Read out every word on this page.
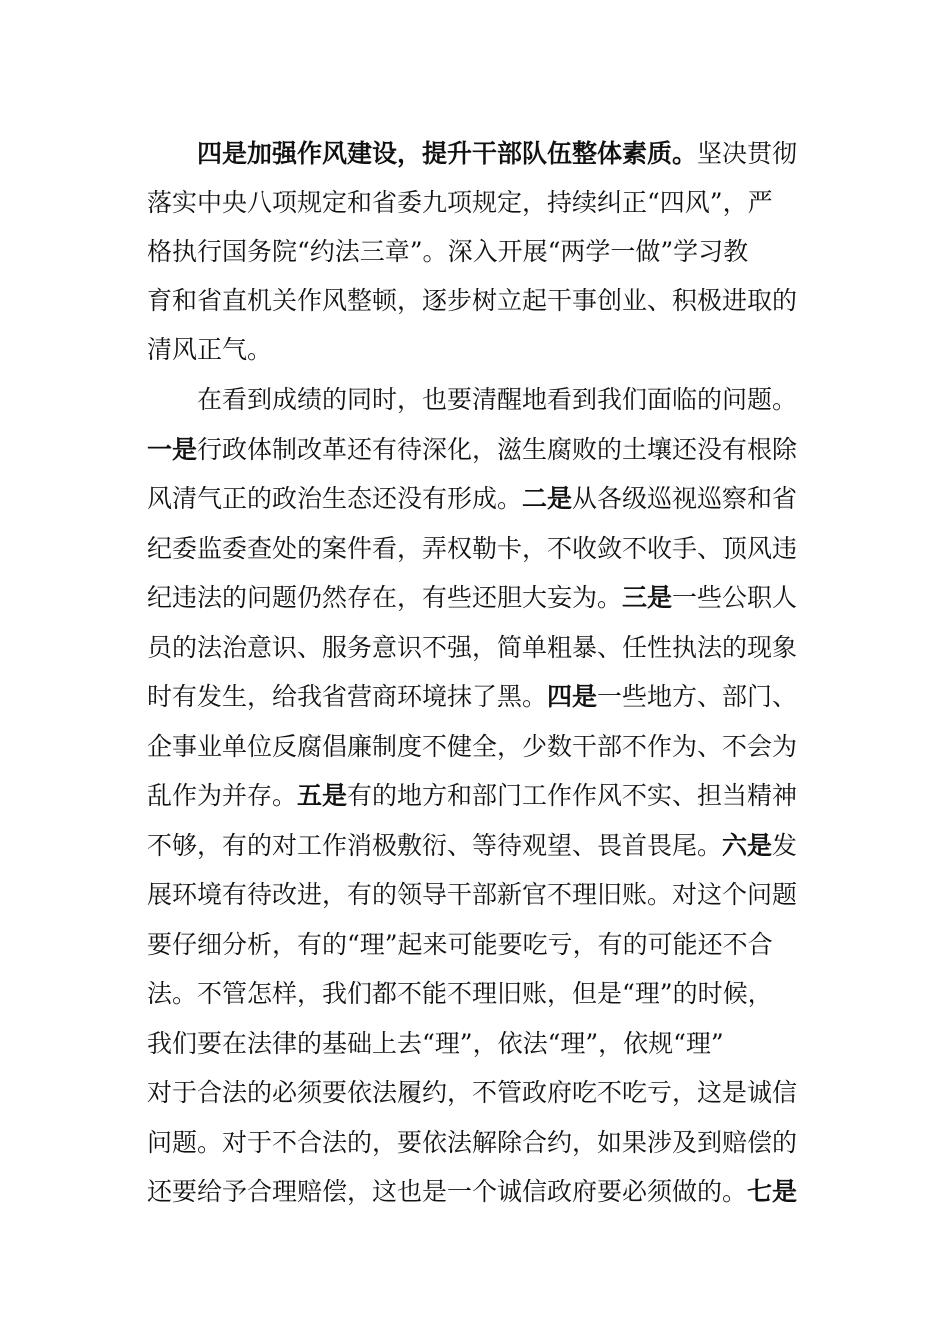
四是加强作风建设，提升干部队伍整体素质。坚决贯彻
落实中央八项规定和省委九项规定，持续纠正“四风”，严
格执行国务院“约法三章”。深入开展“两学一做”学习教
育和省直机关作风整顿，逐步树立起干事创业、积极进取的
清风正气。
在看到成绩的同时，也要清醒地看到我们面临的问题。
一是行政体制改革还有待深化，滋生腐败的土壤还没有根除
风清气正的政治生态还没有形成。二是从各级巡视巡察和省
纪委监委查处的案件看，弄权勒卡，不收敛不收手、顶风违
纪违法的问题仍然存在，有些还胆大妄为。三是一些公职人
员的法治意识、服务意识不强，简单粗暴、任性执法的现象
时有发生，给我省营商环境抹了黑。四是一些地方、部门、
企事业单位反腐倡廉制度不健全，少数干部不作为、不会为
乱作为并存。五是有的地方和部门工作作风不实、担当精神
不够，有的对工作消极敷衍、等待观望、畏首畏尾。六是发
展环境有待改进，有的领导干部新官不理旧账。对这个问题
要仔细分析，有的“理”起来可能要吃亏，有的可能还不合
法。不管怎样，我们都不能不理旧账，但是“理”的时候，
我们要在法律的基础上去“理”，依法“理”，依规“理”
对于合法的必须要依法履约，不管政府吃不吃亏，这是诚信
问题。对于不合法的，要依法解除合约，如果涉及到赔偿的
还要给予合理赔偿，这也是一个诚信政府要必须做的。七是
